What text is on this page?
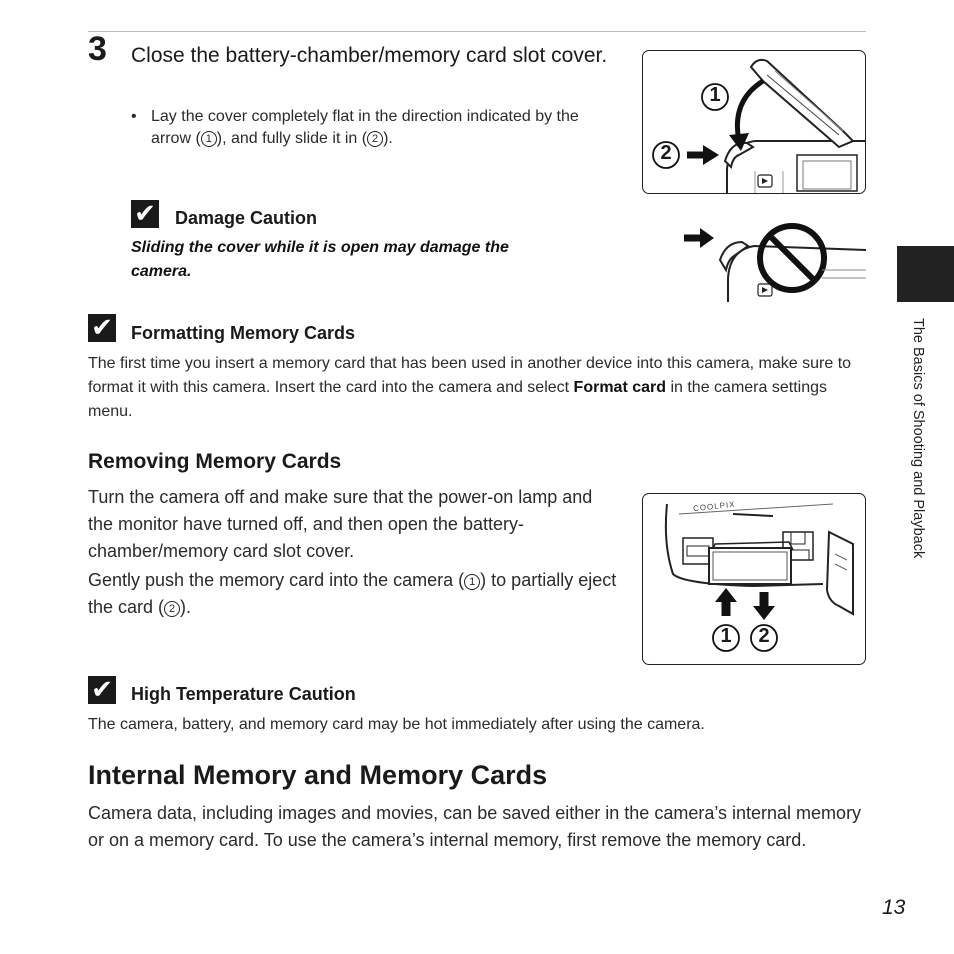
3 Close the battery-chamber/memory card slot cover.
• Lay the cover completely flat in the direction indicated by the arrow ( 1 ), and fully slide it in ( 2 ).
1
2
✔ Damage Caution
Sliding the cover while it is open may damage the camera.
✔ Formatting Memory Cards
The first time you insert a memory card that has been used in another device into this camera, make sure to format it with this camera. Insert the card into the camera and select Format card in the camera settings menu.
Removing Memory Cards
Turn the camera off and make sure that the power-on lamp and the monitor have turned off, and then open the battery-chamber/memory card slot cover.
Gently push the memory card into the camera ( 1 ) to partially eject the card ( 2 ).
COOLPIX
1 2
✔ High Temperature Caution
The camera, battery, and memory card may be hot immediately after using the camera.
Internal Memory and Memory Cards
Camera data, including images and movies, can be saved either in the camera’s internal memory or on a memory card. To use the camera’s internal memory, first remove the memory card.
The Basics of Shooting and Playback
13
